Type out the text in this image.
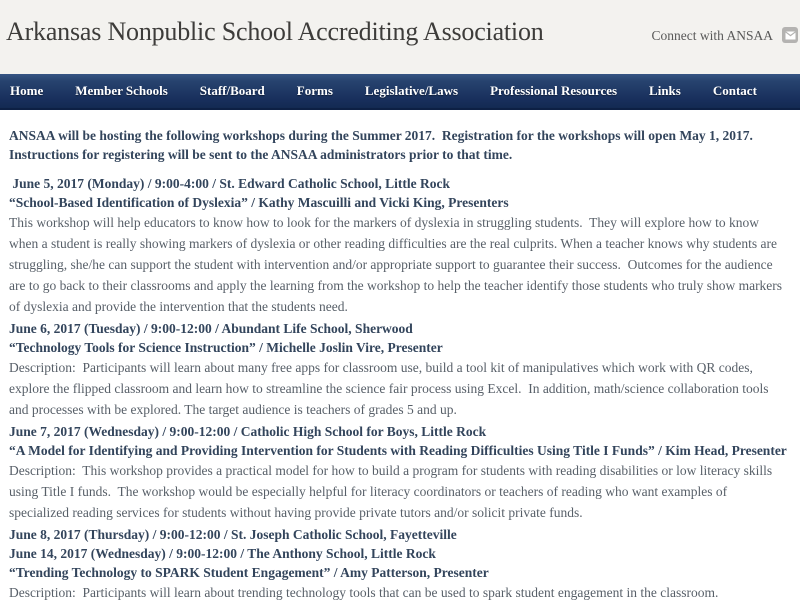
Arkansas Nonpublic School Accrediting Association	Connect with ANSAA
Home Member Schools Staff/Board Forms Legislative/Laws Professional Resources Links Contact

ANSAA will be hosting the following workshops during the Summer 2017.  Registration for the workshops will open May 1, 2017.  Instructions for registering will be sent to the ANSAA administrators prior to that time.

June 5, 2017 (Monday) / 9:00-4:00 / St. Edward Catholic School, Little Rock

“School-Based Identification of Dyslexia” / Kathy Mascuilli and Vicki King, Presenters

This workshop will help educators to know how to look for the markers of dyslexia in struggling students.  They will explore how to know when a student is really showing markers of dyslexia or other reading difficulties are the real culprits. When a teacher knows why students are struggling, she/he can support the student with intervention and/or appropriate support to guarantee their success.  Outcomes for the audience are to go back to their classrooms and apply the learning from the workshop to help the teacher identify those students who truly show markers of dyslexia and provide the intervention that the students need.

June 6, 2017 (Tuesday) / 9:00-12:00 / Abundant Life School, Sherwood

“Technology Tools for Science Instruction” / Michelle Joslin Vire, Presenter

Description:  Participants will learn about many free apps for classroom use, build a tool kit of manipulatives which work with QR codes, explore the flipped classroom and learn how to streamline the science fair process using Excel.  In addition, math/science collaboration tools and processes with be explored. The target audience is teachers of grades 5 and up.

June 7, 2017 (Wednesday) / 9:00-12:00 / Catholic High School for Boys, Little Rock

“A Model for Identifying and Providing Intervention for Students with Reading Difficulties Using Title I Funds” / Kim Head, Presenter

Description:  This workshop provides a practical model for how to build a program for students with reading disabilities or low literacy skills using Title I funds.  The workshop would be especially helpful for literacy coordinators or teachers of reading who want examples of specialized reading services for students without having provide private tutors and/or solicit private funds.

June 8, 2017 (Thursday) / 9:00-12:00 / St. Joseph Catholic School, Fayetteville

June 14, 2017 (Wednesday) / 9:00-12:00 / The Anthony School, Little Rock

“Trending Technology to SPARK Student Engagement” / Amy Patterson, Presenter

Description:  Participants will learn about trending technology tools that can be used to spark student engagement in the classroom.
